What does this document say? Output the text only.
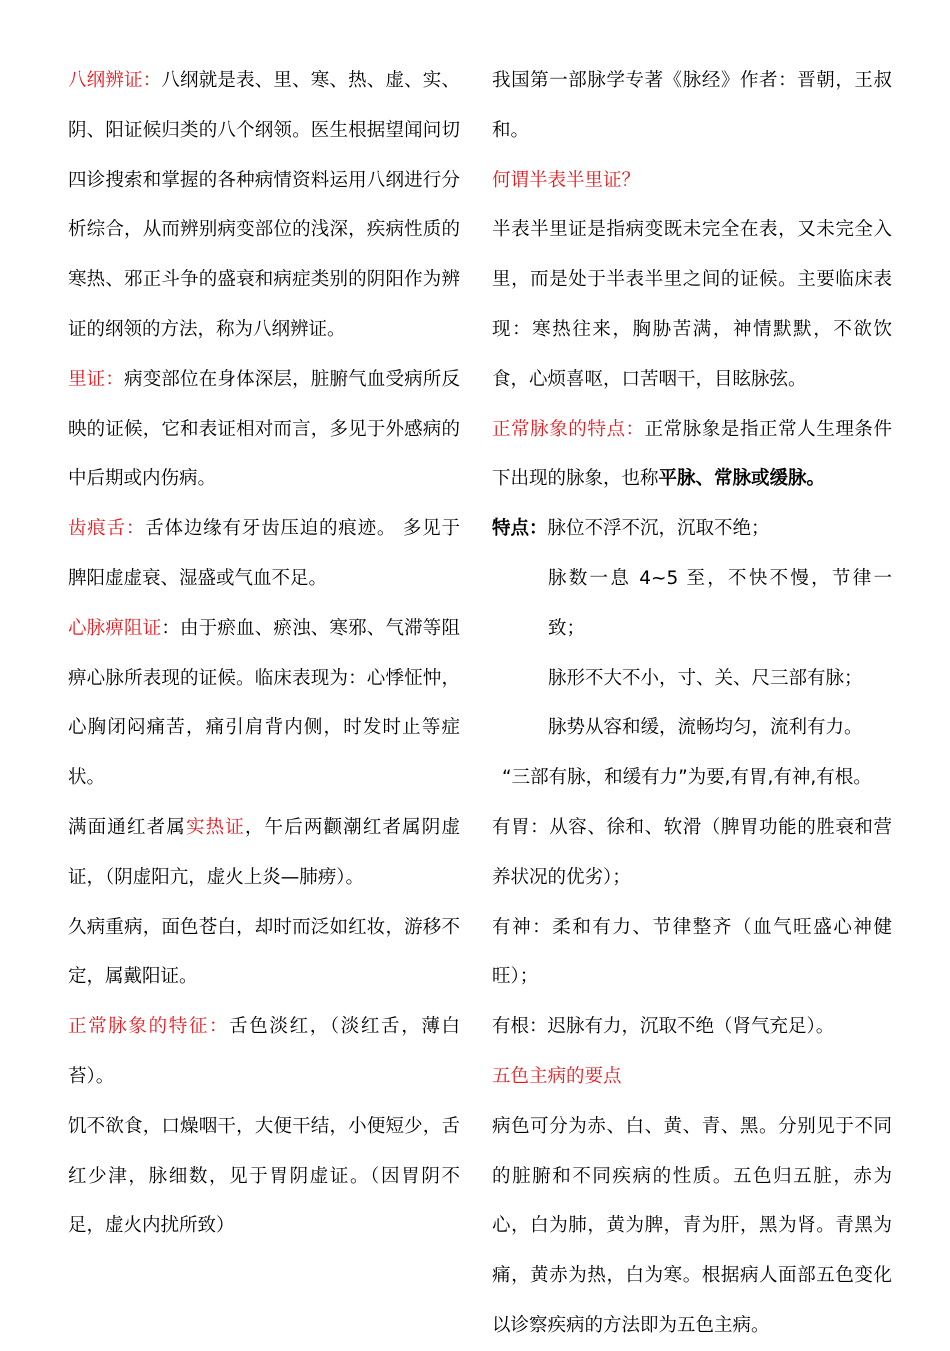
八纲辨证：八纲就是表、里、寒、热、虚、实、阴、阳证候归类的八个纲领。医生根据望闻问切四诊搜索和掌握的各种病情资料运用八纲进行分析综合，从而辨别病变部位的浅深，疾病性质的寒热、邪正斗争的盛衰和病症类别的阴阳作为辨证的纲领的方法，称为八纲辨证。

里证：病变部位在身体深层，脏腑气血受病所反映的证候，它和表证相对而言，多见于外感病的中后期或内伤病。

齿痕舌：舌体边缘有牙齿压迫的痕迹。 多见于脾阳虚虚衰、湿盛或气血不足。

心脉痹阻证：由于瘀血、瘀浊、寒邪、气滞等阻痹心脉所表现的证候。临床表现为：心悸怔忡，心胸闭闷痛苦，痛引肩背内侧，时发时止等症状。

满面通红者属实热证，午后两颧潮红者属阴虚证，（阴虚阳亢，虚火上炎—肺痨）。

久病重病，面色苍白，却时而泛如红妆，游移不定，属戴阳证。

正常脉象的特征：舌色淡红，（淡红舌，薄白苔）。

饥不欲食，口燥咽干，大便干结，小便短少，舌红少津，脉细数，见于胃阴虚证。（因胃阴不足，虚火内扰所致）

我国第一部脉学专著《脉经》作者：晋朝，王叔和。

何谓半表半里证？

半表半里证是指病变既未完全在表，又未完全入里，而是处于半表半里之间的证候。主要临床表现：寒热往来，胸胁苦满，神情默默，不欲饮食，心烦喜呕，口苦咽干，目眩脉弦。

正常脉象的特点：正常脉象是指正常人生理条件下出现的脉象，也称平脉、常脉或缓脉。

特点：脉位不浮不沉，沉取不绝；

脉数一息 4~5 至，不快不慢，节律一致；

脉形不大不小，寸、关、尺三部有脉；

脉势从容和缓，流畅均匀，流利有力。

“三部有脉，和缓有力”为要,有胃,有神,有根。

有胃：从容、徐和、软滑（脾胃功能的胜衰和营养状况的优劣）；

有神：柔和有力、节律整齐（血气旺盛心神健旺）；

有根：迟脉有力，沉取不绝（肾气充足）。

五色主病的要点

病色可分为赤、白、黄、青、黑。分别见于不同的脏腑和不同疾病的性质。五色归五脏，赤为心，白为肺，黄为脾，青为肝，黑为肾。青黑为痛，黄赤为热，白为寒。根据病人面部五色变化以诊察疾病的方法即为五色主病。
